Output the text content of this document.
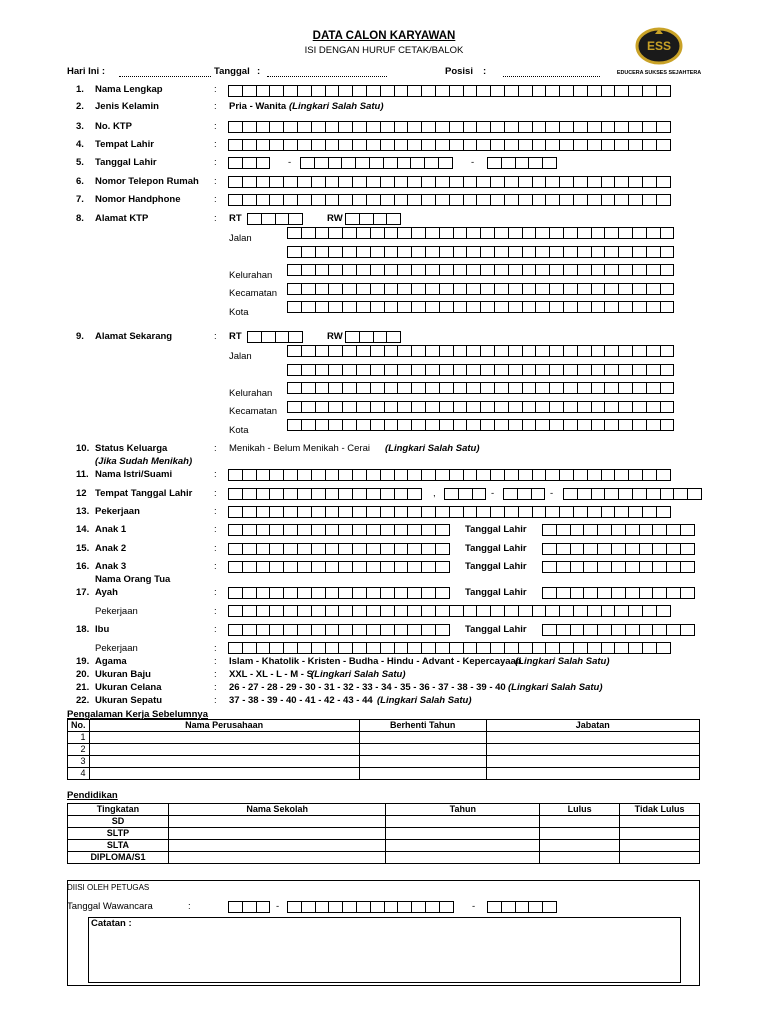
DATA CALON KARYAWAN
ISI DENGAN HURUF CETAK/BALOK	ESS
EDUCERA SUKSES SEJAHTERA
Hari Ini :	Tanggal :	Posisi :
1. Nama Lengkap	:
2. Jenis Kelamin	: Pria - Wanita (Lingkari Salah Satu)
3. No. KTP	:
4. Tempat Lahir	:
5. Tanggal Lahir	:	-	-
6. Nomor Telepon Rumah :
7. Nomor Handphone	:
8. Alamat KTP	: RT	RW
Jalan
Kelurahan
Kecamatan
Kota
9. Alamat Sekarang	: RT	RW
Jalan
Kelurahan
Kecamatan
Kota
10. Status Keluarga	:
(Jika Sudah Menikah)
Menikah - Belum Menikah - Cerai (Lingkari Salah Satu)
11. Nama Istri/Suami	:
12 Tempat Tanggal Lahir :	,	-	-
13. Pekerjaan	:
14. Anak 1	:	Tanggal Lahir
15. Anak 2	:	Tanggal Lahir
16. Anak 3	:	Tanggal Lahir
Nama Orang Tua
17. Ayah	:	Tanggal Lahir
Pekerjaan	:
18. Ibu	:	Tanggal Lahir
Pekerjaan	:
19. Agama	: Islam - Khatolik - Kristen - Budha - Hindu - Advant - Kepercayaan
(Lingkari Salah Satu)
20. Ukuran Baju	: XXL - XL - L - M - S
(Lingkari Salah Satu)
21. Ukuran Celana	: 26 - 27 - 28 - 29 - 30 - 31 - 32 - 33 - 34 - 35 - 36 - 37 - 38 - 39 - 40 (Lingkari Salah Satu)
22. Ukuran Sepatu	: 37 - 38 - 39 - 40 - 41 - 42 - 43 - 44 (Lingkari Salah Satu)
-	-
Pengalaman Kerja Sebelumnya
No.	Nama Perusahaan	Berhenti Tahun	Jabatan
1			
2			
3			
4			
Pendidikan
Tingkatan	Nama Sekolah	Tahun	Lulus	Tidak Lulus
SD				
SLTP				
SLTA				
DIPLOMA/S1				
DIISI OLEH PETUGAS
Tanggal Wawancara	:
Catatan :
